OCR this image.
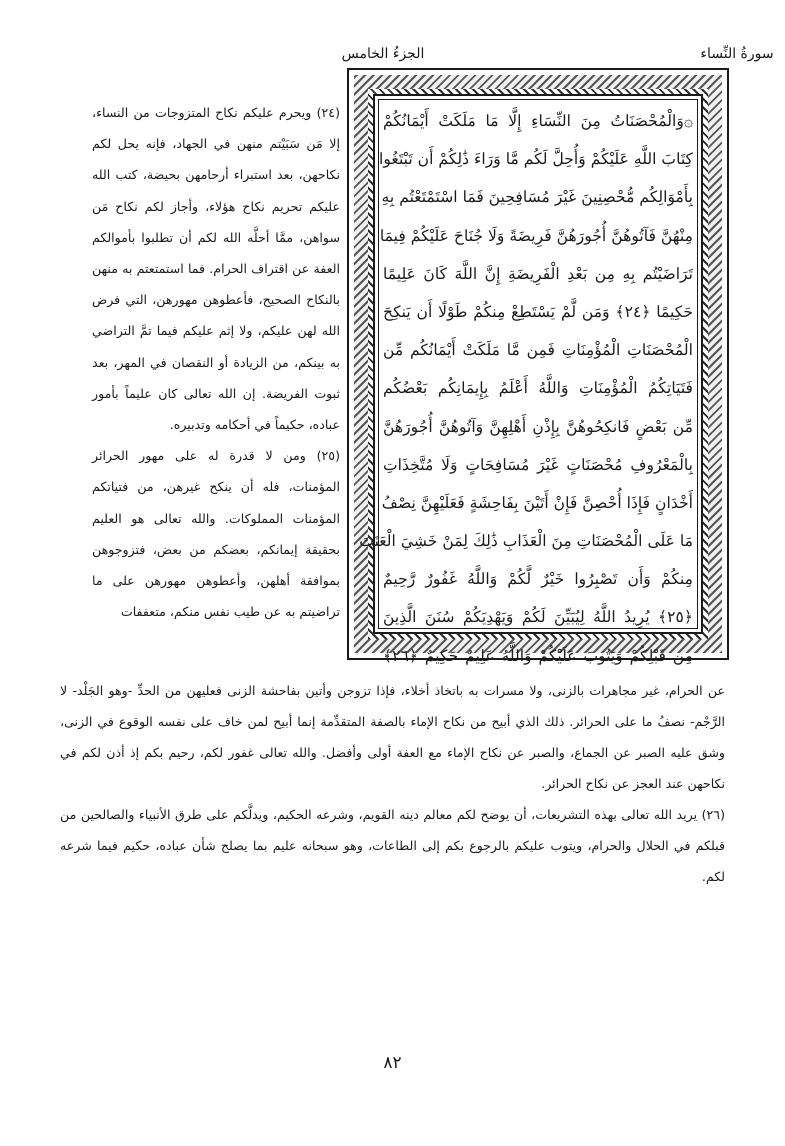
الجزءُ الخامس	سورةُ النِّساء
۞وَالْمُحْصَنَاتُ مِنَ النِّسَاءِ إِلَّا مَا مَلَكَتْ أَيْمَانُكُمْ
كِتَابَ اللَّهِ عَلَيْكُمْ وَأُحِلَّ لَكُم مَّا وَرَاءَ ذَٰلِكُمْ أَن تَبْتَغُوا
بِأَمْوَالِكُم مُّحْصِنِينَ غَيْرَ مُسَافِحِينَ فَمَا اسْتَمْتَعْتُم بِهِ
مِنْهُنَّ فَآتُوهُنَّ أُجُورَهُنَّ فَرِيضَةً وَلَا جُنَاحَ عَلَيْكُمْ فِيمَا
تَرَاضَيْتُم بِهِ مِن بَعْدِ الْفَرِيضَةِ إِنَّ اللَّهَ كَانَ عَلِيمًا
حَكِيمًا ﴿٢٤﴾ وَمَن لَّمْ يَسْتَطِعْ مِنكُمْ طَوْلًا أَن يَنكِحَ
الْمُحْصَنَاتِ الْمُؤْمِنَاتِ فَمِن مَّا مَلَكَتْ أَيْمَانُكُم مِّن
فَتَيَاتِكُمُ الْمُؤْمِنَاتِ وَاللَّهُ أَعْلَمُ بِإِيمَانِكُم بَعْضُكُم
مِّن بَعْضٍ فَانكِحُوهُنَّ بِإِذْنِ أَهْلِهِنَّ وَآتُوهُنَّ أُجُورَهُنَّ
بِالْمَعْرُوفِ مُحْصَنَاتٍ غَيْرَ مُسَافِحَاتٍ وَلَا مُتَّخِذَاتِ
أَخْدَانٍ فَإِذَا أُحْصِنَّ فَإِنْ أَتَيْنَ بِفَاحِشَةٍ فَعَلَيْهِنَّ نِصْفُ
مَا عَلَى الْمُحْصَنَاتِ مِنَ الْعَذَابِ ذَٰلِكَ لِمَنْ خَشِيَ الْعَنَتَ
مِنكُمْ وَأَن تَصْبِرُوا خَيْرٌ لَّكُمْ وَاللَّهُ غَفُورٌ رَّحِيمٌ
﴿٢٥﴾ يُرِيدُ اللَّهُ لِيُبَيِّنَ لَكُمْ وَيَهْدِيَكُمْ سُنَنَ الَّذِينَ
مِن قَبْلِكُمْ وَيَتُوبَ عَلَيْكُمْ وَاللَّهُ عَلِيمٌ حَكِيمٌ ﴿٢٦﴾

(٢٤) ويحرم عليكم نكاح المتزوجات من النساء، إلا مَن سَبَيْتم منهن في الجهاد، فإنه يحل لكم نكاحهن، بعد استبراء أرحامهن بحيضة، كتب الله عليكم تحريم نكاح هؤلاء، وأجاز لكم نكاح مَن سواهن، ممَّا أحلَّه الله لكم أن تطلبوا بأموالكم العفة عن اقتراف الحرام. فما استمتعتم به منهن بالنكاح الصحيح، فأعطوهن مهورهن، التي فرض الله لهن عليكم، ولا إثم عليكم فيما تمَّ التراضي به بينكم، من الزيادة أو النقصان في المهر، بعد ثبوت الفريضة. إن الله تعالى كان عليماً بأمور عباده، حكيماً في أحكامه وتدبيره.

(٢٥) ومن لا قدرة له على مهور الحرائر المؤمنات، فله أن ينكح غيرهن، من فتياتكم المؤمنات المملوكات. والله تعالى هو العليم بحقيقة إيمانكم، بعضكم من بعض، فتزوجوهن بموافقة أهلهن، وأعطوهن مهورهن على ما تراضيتم به عن طيب نفس منكم، متعففات

عن الحرام، غير مجاهرات بالزنى، ولا مسرات به باتخاذ أخلاء، فإذا تزوجن وأتين بفاحشة الزنى فعليهن من الحدِّ -وهو الجَلْد- لا الرَّجْم- نصفُ ما على الحرائر. ذلك الذي أبيح من نكاح الإماء بالصفة المتقدِّمة إنما أبيح لمن خاف على نفسه الوقوع في الزنى، وشق عليه الصبر عن الجماع، والصبر عن نكاح الإماء مع العفة أولى وأفضل. والله تعالى غفور لكم، رحيم بكم إذ أذن لكم في نكاحهن عند العجز عن نكاح الحرائر.

(٢٦) يريد الله تعالى بهذه التشريعات، أن يوضح لكم معالم دينه القويم، وشرعه الحكيم، ويدلَّكم على طرق الأنبياء والصالحين من قبلكم في الحلال والحرام، ويتوب عليكم بالرجوع بكم إلى الطاعات، وهو سبحانه عليم بما يصلح شأن عباده، حكيم فيما شرعه لكم.

٨٢
